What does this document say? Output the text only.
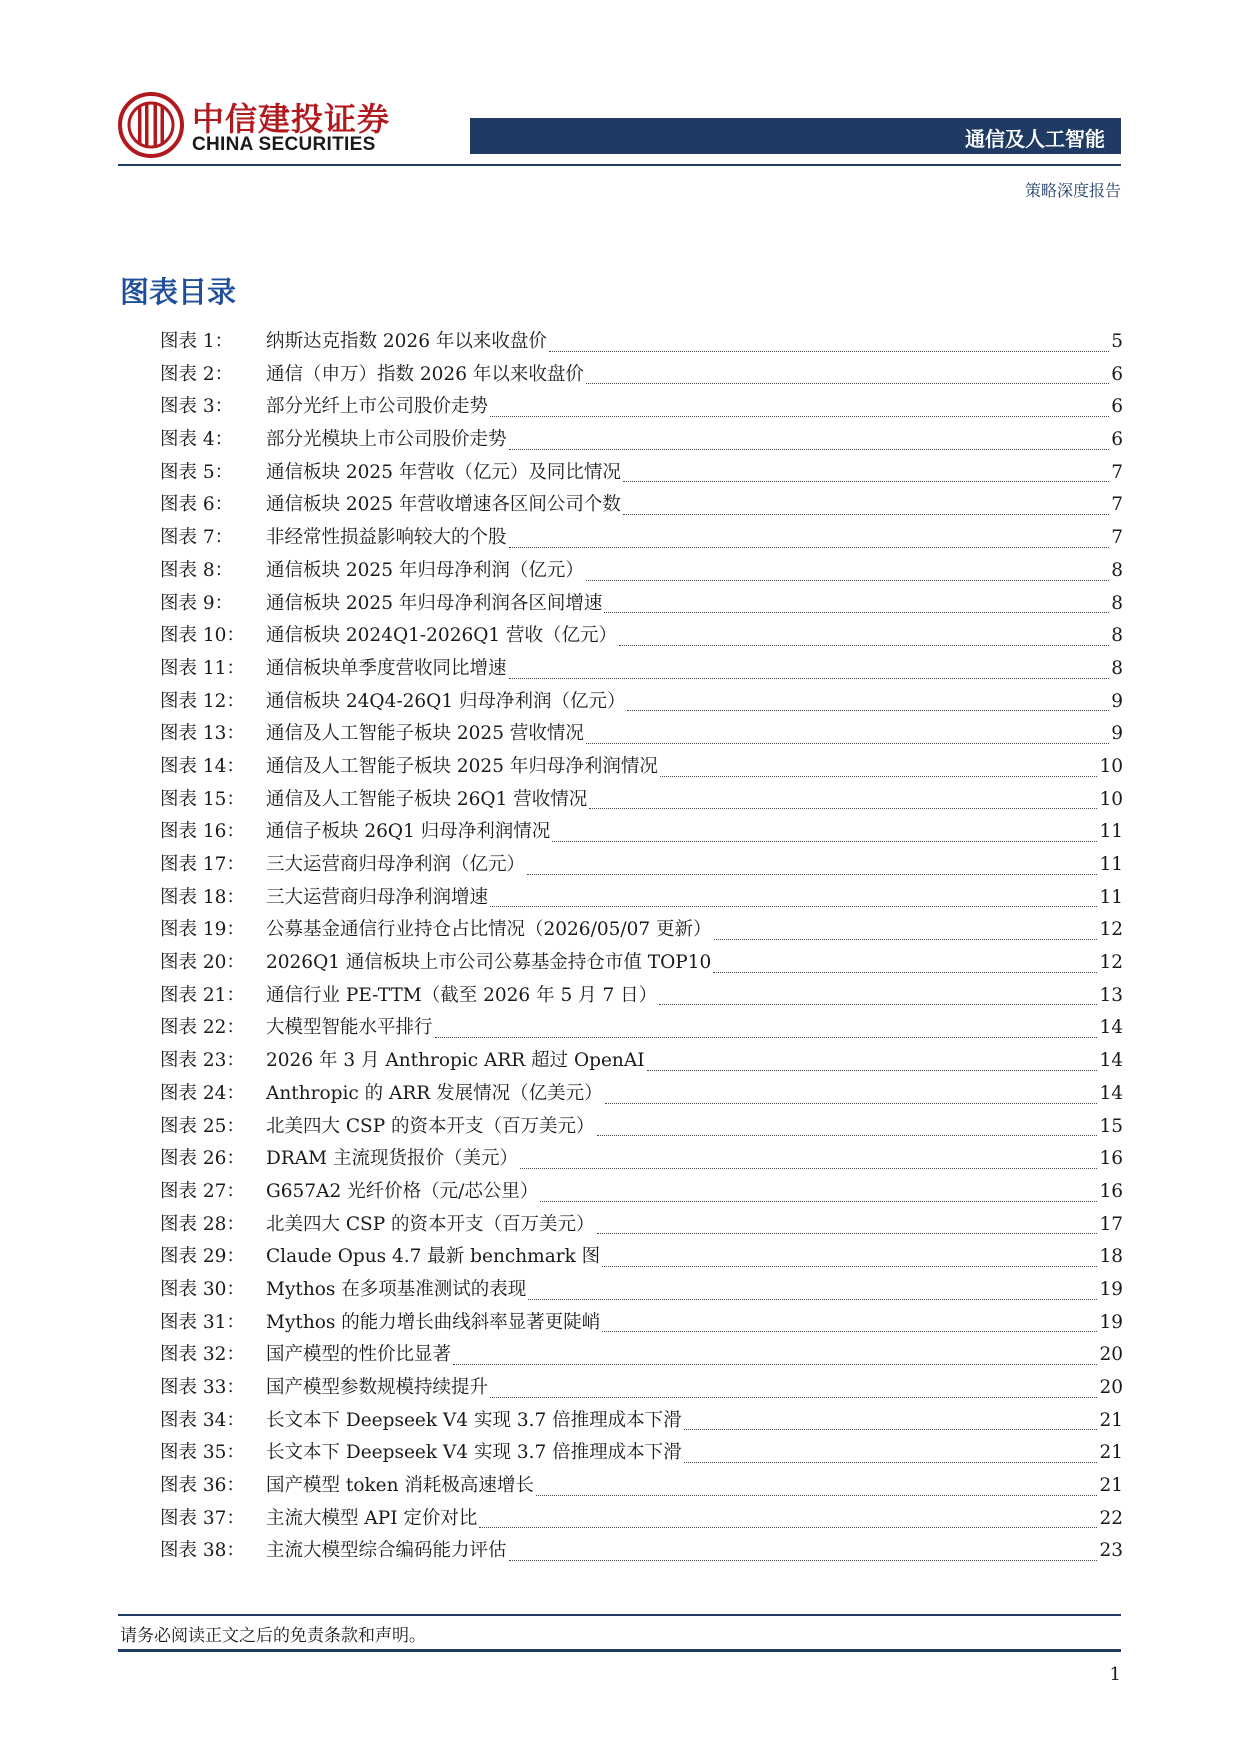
中信建投证券
CHINA SECURITIES	通信及人工智能
策略深度报告
图表目录
图表 1：	纳斯达克指数 2026 年以来收盘价	5
图表 2：	通信（申万）指数 2026 年以来收盘价	6
图表 3：	部分光纤上市公司股价走势	6
图表 4：	部分光模块上市公司股价走势	6
图表 5：	通信板块 2025 年营收（亿元）及同比情况	7
图表 6：	通信板块 2025 年营收增速各区间公司个数	7
图表 7：	非经常性损益影响较大的个股	7
图表 8：	通信板块 2025 年归母净利润（亿元）	8
图表 9：	通信板块 2025 年归母净利润各区间增速	8
图表 10：	通信板块 2024Q1-2026Q1 营收（亿元）	8
图表 11：	通信板块单季度营收同比增速	8
图表 12：	通信板块 24Q4-26Q1 归母净利润（亿元）	9
图表 13：	通信及人工智能子板块 2025 营收情况	9
图表 14：	通信及人工智能子板块 2025 年归母净利润情况	10
图表 15：	通信及人工智能子板块 26Q1 营收情况	10
图表 16：	通信子板块 26Q1 归母净利润情况	11
图表 17：	三大运营商归母净利润（亿元）	11
图表 18：	三大运营商归母净利润增速	11
图表 19：	公募基金通信行业持仓占比情况（2026/05/07 更新）	12
图表 20：	2026Q1 通信板块上市公司公募基金持仓市值 TOP10	12
图表 21：	通信行业 PE-TTM（截至 2026 年 5 月 7 日）	13
图表 22：	大模型智能水平排行	14
图表 23：	2026 年 3 月 Anthropic ARR 超过 OpenAI	14
图表 24：	Anthropic 的 ARR 发展情况（亿美元）	14
图表 25：	北美四大 CSP 的资本开支（百万美元）	15
图表 26：	DRAM 主流现货报价（美元）	16
图表 27：	G657A2 光纤价格（元/芯公里）	16
图表 28：	北美四大 CSP 的资本开支（百万美元）	17
图表 29：	Claude Opus 4.7 最新 benchmark 图	18
图表 30：	Mythos 在多项基准测试的表现	19
图表 31：	Mythos 的能力增长曲线斜率显著更陡峭	19
图表 32：	国产模型的性价比显著	20
图表 33：	国产模型参数规模持续提升	20
图表 34：	长文本下 Deepseek V4 实现 3.7 倍推理成本下滑	21
图表 35：	长文本下 Deepseek V4 实现 3.7 倍推理成本下滑	21
图表 36：	国产模型 token 消耗极高速增长	21
图表 37：	主流大模型 API 定价对比	22
图表 38：	主流大模型综合编码能力评估	23
请务必阅读正文之后的免责条款和声明。
1
